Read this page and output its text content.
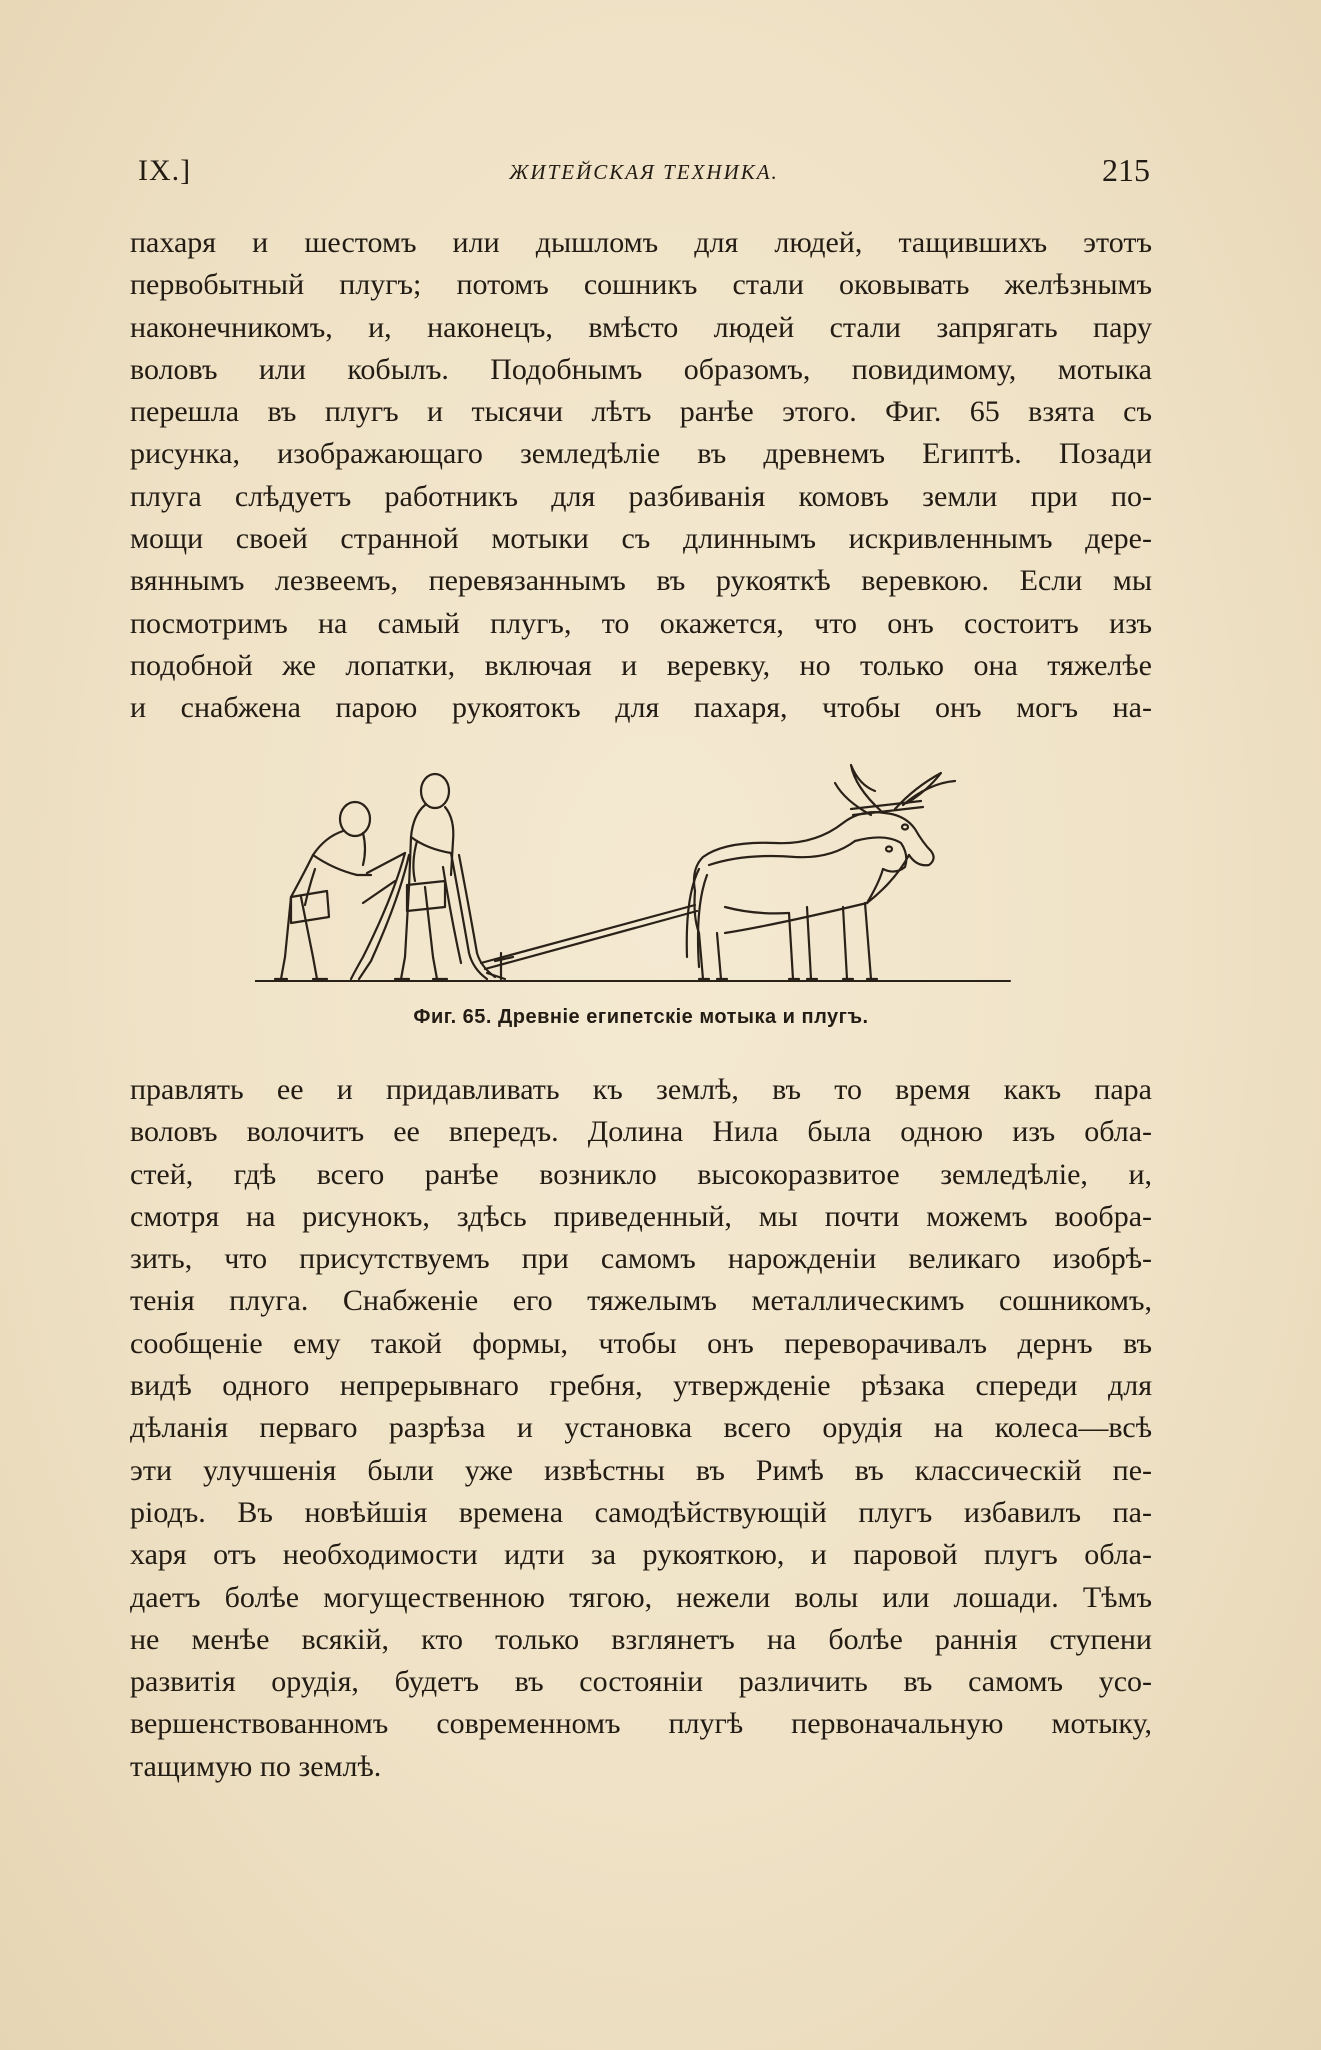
IX.]	ЖИТЕЙСКАЯ ТЕХНИКА.	215
пахаря и шестомъ или дышломъ для людей, тащившихъ этотъ
первобытный плугъ; потомъ сошникъ стали оковывать желѣзнымъ
наконечникомъ, и, наконецъ, вмѣсто людей стали запрягать пару
воловъ или кобылъ. Подобнымъ образомъ, повидимому, мотыка
перешла въ плугъ и тысячи лѣтъ ранѣе этого. Фиг. 65 взята съ
рисунка, изображающаго земледѣліе въ древнемъ Египтѣ. Позади
плуга слѣдуетъ работникъ для разбиванія комовъ земли при по-
мощи своей странной мотыки съ длиннымъ искривленнымъ дере-
вяннымъ лезвеемъ, перевязаннымъ въ рукояткѣ веревкою. Если мы
посмотримъ на самый плугъ, то окажется, что онъ состоитъ изъ
подобной же лопатки, включая и веревку, но только она тяжелѣе
и снабжена парою рукоятокъ для пахаря, чтобы онъ могъ на-
Фиг. 65. Древніе египетскіе мотыка и плугъ.
правлять ее и придавливать къ землѣ, въ то время какъ пара
воловъ волочитъ ее впередъ. Долина Нила была одною изъ обла-
стей, гдѣ всего ранѣе возникло высокоразвитое земледѣліе, и,
смотря на рисунокъ, здѣсь приведенный, мы почти можемъ вообра-
зить, что присутствуемъ при самомъ нарожденіи великаго изобрѣ-
тенія плуга. Снабженіе его тяжелымъ металлическимъ сошникомъ,
сообщеніе ему такой формы, чтобы онъ переворачивалъ дернъ въ
видѣ одного непрерывнаго гребня, утвержденіе рѣзака спереди для
дѣланія перваго разрѣза и установка всего орудія на колеса—всѣ
эти улучшенія были уже извѣстны въ Римѣ въ классическій пе-
ріодъ. Въ новѣйшія времена самодѣйствующій плугъ избавилъ па-
харя отъ необходимости идти за рукояткою, и паровой плугъ обла-
даетъ болѣе могущественною тягою, нежели волы или лошади. Тѣмъ
не менѣе всякій, кто только взглянетъ на болѣе раннія ступени
развитія орудія, будетъ въ состояніи различить въ самомъ усо-
вершенствованномъ современномъ плугѣ первоначальную мотыку,
тащимую по землѣ.
